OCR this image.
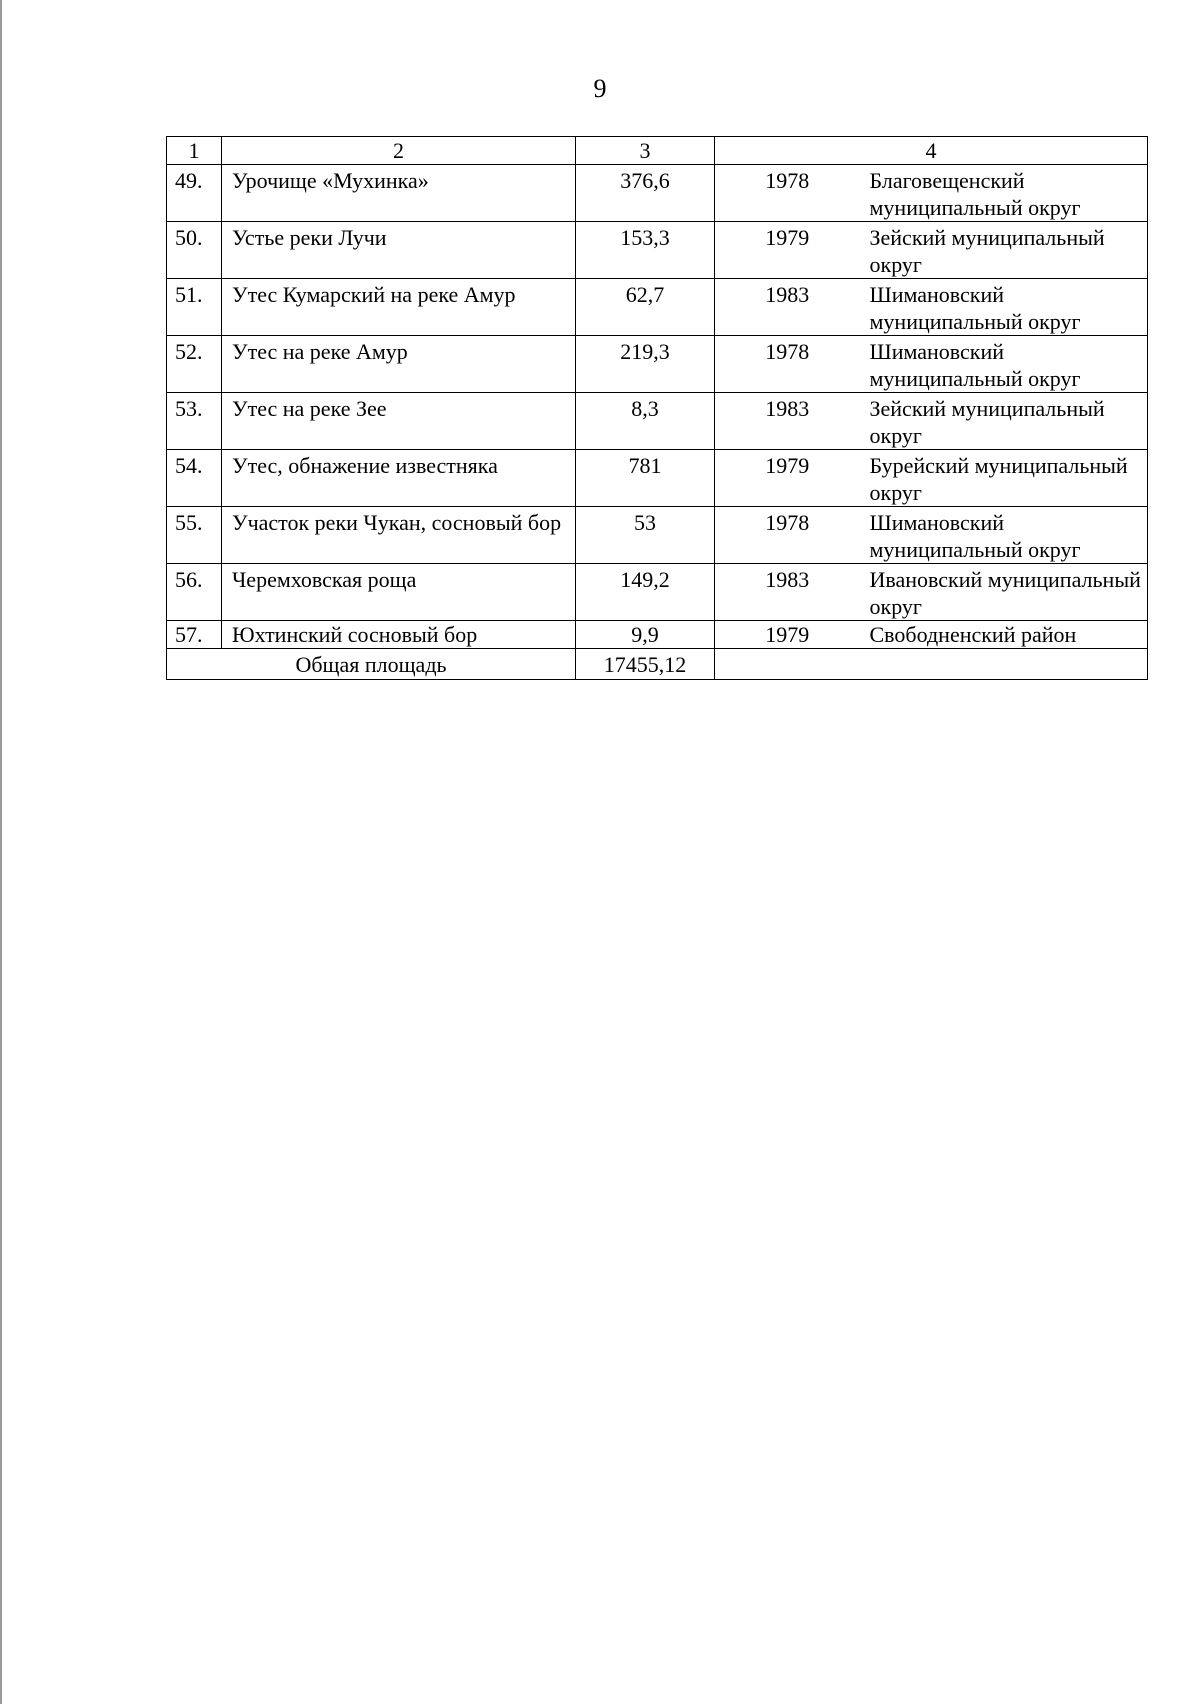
9
1	2	3	4	
49.	Урочище «Мухинка»	376,6	1978	Благовещенский муниципальный округ
50.	Устье реки Лучи	153,3	1979	Зейский муниципальный округ
51.	Утес Кумарский на реке Амур	62,7	1983	Шимановский муниципальный округ
52.	Утес на реке Амур	219,3	1978	Шимановский муниципальный округ
53.	Утес на реке Зее	8,3	1983	Зейский муниципальный округ
54.	Утес, обнажение известняка	781	1979	Бурейский муниципальный округ
55.	Участок реки Чукан, сосновый бор	53	1978	Шимановский муниципальный округ
56.	Черемховская роща	149,2	1983	Ивановский муниципальный округ
57.	Юхтинский сосновый бор	9,9	1979	Свободненский район
Общая площадь		17455,12		
